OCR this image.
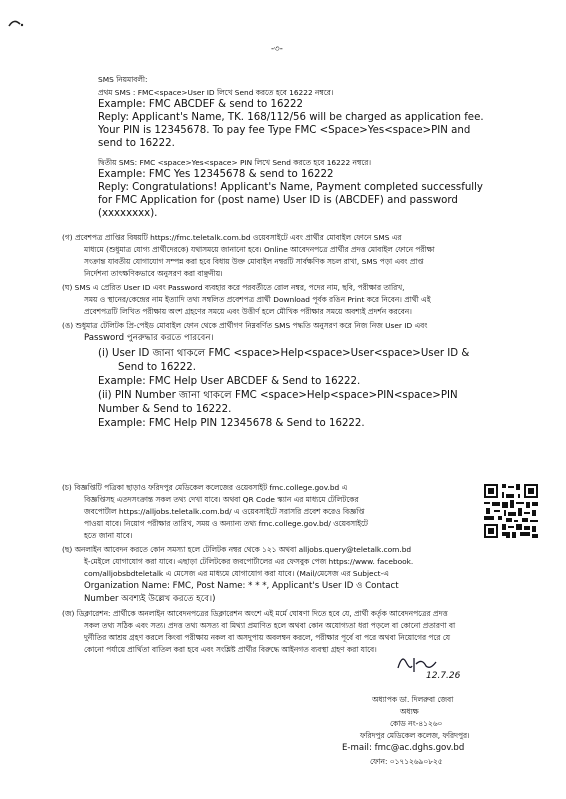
-৩-
SMS নিয়মাবলী:
প্রথম SMS : FMC<space>User ID লিখে Send করতে হবে 16222 নম্বরে।
Example: FMC ABCDEF & send to 16222
Reply: Applicant's Name, TK. 168/112/56 will be charged as application fee.
Your PIN is 12345678. To pay fee Type FMC <Space>Yes<space>PIN and
send to 16222.
দ্বিতীয় SMS: FMC <space>Yes<space> PIN লিখে Send করতে হবে 16222 নম্বরে।
Example: FMC Yes 12345678 & send to 16222
Reply: Congratulations! Applicant's Name, Payment completed successfully
for FMC Application for (post name) User ID is (ABCDEF) and password
(xxxxxxxx).
(গ) প্রবেশপত্র প্রাপ্তির বিষয়টি https://fmc.teletalk.com.bd ওয়েবসাইটে এবং প্রার্থীর মোবাইল ফোনে SMS এর
মাধ্যমে (শুধুমাত্র যোগ্য প্রার্থীদেরকে) যথাসময়ে জানানো হবে। Online আবেদনপত্রে প্রার্থীর প্রদত্ত মোবাইল ফোনে পরীক্ষা
সংক্রান্ত যাবতীয় যোগাযোগ সম্পন্ন করা হবে বিধায় উক্ত মোবাইল নম্বরটি সার্বক্ষণিক সচল রাখা, SMS পড়া এবং প্রাপ্ত
নির্দেশনা তাৎক্ষণিকভাবে অনুসরণ করা বাঞ্ছনীয়।
(ঘ) SMS এ প্রেরিত User ID এবং Password ব্যবহার করে পরবর্তীতে রোল নম্বর, পদের নাম, ছবি, পরীক্ষার তারিখ,
সময় ও স্থানের/কেন্দ্রের নাম ইত্যাদি তথ্য সম্বলিত প্রবেশপত্র প্রার্থী Download পূর্বক রঙিন Print করে নিবেন। প্রার্থী এই
প্রবেশপত্রটি লিখিত পরীক্ষায় অংশ গ্রহণের সময়ে এবং উত্তীর্ণ হলে মৌখিক পরীক্ষার সময়ে অবশ্যই প্রদর্শন করবেন।
(ঙ) শুধুমাত্র টেলিটক প্রি-পেইড মোবাইল ফোন থেকে প্রার্থীগণ নিম্নবর্ণিত SMS পদ্ধতি অনুসরণ করে নিজ নিজ User ID এবং
Password পুনরুদ্ধার করতে পারবেন।
(i) User ID জানা থাকলে FMC <space>Help<space>User<space>User ID &
Send to 16222.
Example: FMC Help User ABCDEF & Send to 16222.
(ii) PIN Number জানা থাকলে FMC <space>Help<space>PIN<space>PIN
Number & Send to 16222.
Example: FMC Help PIN 12345678 & Send to 16222.
(চ) বিজ্ঞপ্তিটি পত্রিকা ছাড়াও ফরিদপুর মেডিকেল কলেজের ওয়েবসাইট fmc.college.gov.bd এ
বিজ্ঞপ্তিসহ এতদসংক্রান্ত সকল তথ্য দেখা যাবে। অথবা QR Code স্ক্যান এর মাধ্যমে টেলিটকের
জবপোর্টাল https://alljobs.teletalk.com.bd/ এ ওয়েবসাইটে সরাসরি প্রবেশ করেও বিজ্ঞপ্তি
পাওয়া যাবে। নিয়োগ পরীক্ষার তারিখ, সময় ও অন্যান্য তথ্য fmc.college.gov.bd/ ওয়েবসাইটে
হতে জানা যাবে।
(ছ) অনলাইন আবেদন করতে কোন সমস্যা হলে টেলিটক নম্বর থেকে ১২১ অথবা alljobs.query@teletalk.com.bd
ই-মেইলে যোগাযোগ করা যাবে। এছাড়া টেলিটকের জবপোর্টালের এর ফেসবুক পেজ https://www. facebook.
com/alljobsbdteletalk এ মেসেজ এর মাধ্যমে যোগাযোগ করা যাবে। (Mail/মেসেজ এর Subject-এ
Organization Name: FMC, Post Name: * * *, Applicant's User ID ও Contact
Number অবশ্যই উল্লেখ করতে হবে।)
(জ) ডিক্লারেশন: প্রার্থীকে অনলাইন আবেদনপত্রের ডিক্লারেশন অংশে এই মর্মে ঘোষণা দিতে হবে যে, প্রার্থী কর্তৃক আবেদনপত্রের প্রদত্ত
সকল তথ্য সঠিক এবং সত্য। প্রদত্ত তথ্য অসত্য বা মিথ্যা প্রমাণিত হলে অথবা কোন অযোগ্যতা ধরা পড়লে বা কোনো প্রতারণা বা
দুর্নীতির আশ্রয় গ্রহণ করলে কিংবা পরীক্ষায় নকল বা অসদুপায় অবলম্বন করলে, পরীক্ষার পূর্বে বা পরে অথবা নিয়োগের পরে যে
কোনো পর্যায়ে প্রার্থিতা বাতিল করা হবে এবং সংশ্লিষ্ট প্রার্থীর বিরুদ্ধে আইনগত ব্যবস্থা গ্রহণ করা যাবে।
12.7.26
অধ্যাপক ডা. দিলরুবা জেবা
অধ্যক্ষ
কোড নং-৪১২৬০
ফরিদপুর মেডিকেল কলেজ, ফরিদপুর।
E-mail: fmc@ac.dghs.gov.bd
ফোন: ০১৭১২৬৯০৮২৫
